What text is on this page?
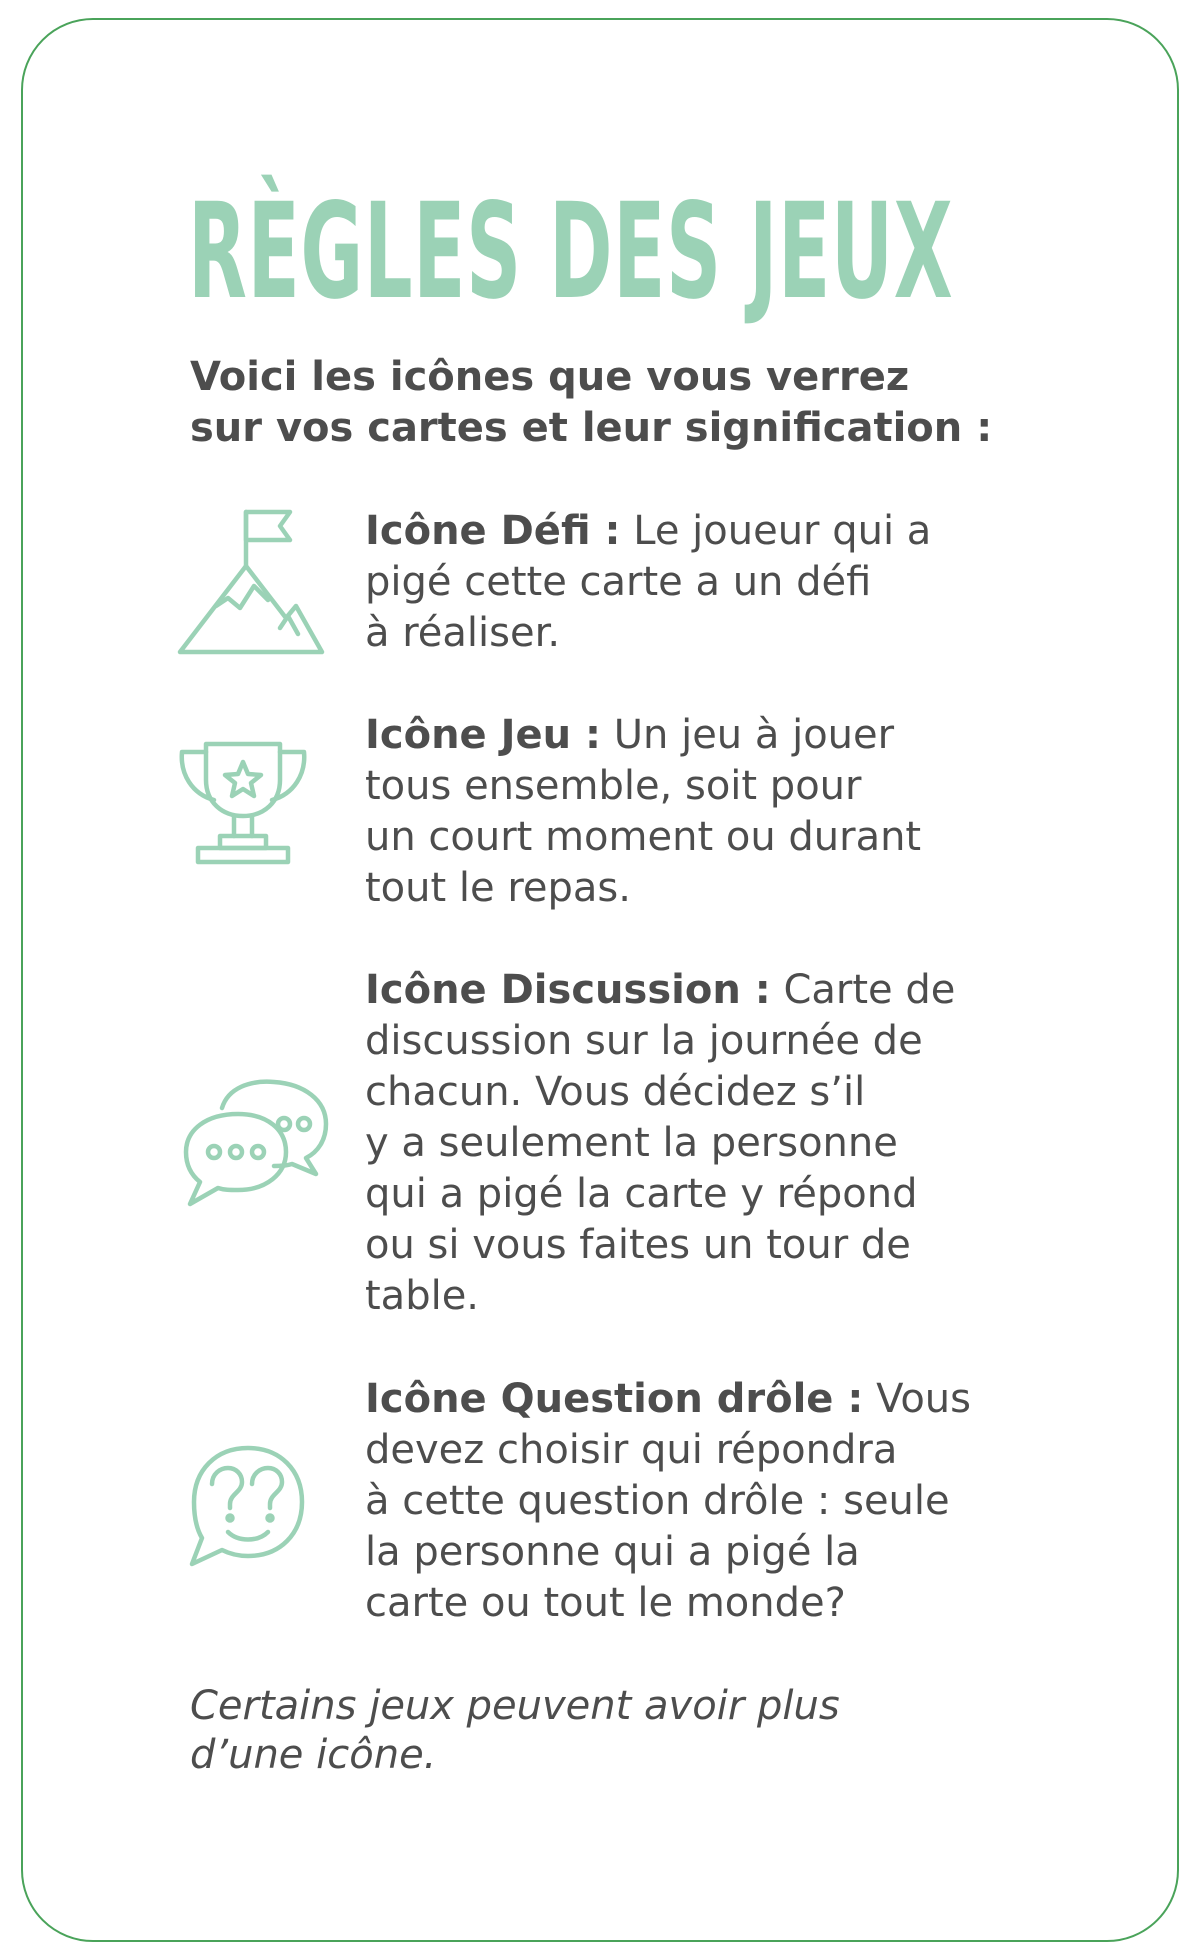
RÈGLES DES JEUX

Voici les icônes que vous verrez
sur vos cartes et leur signification :

Icône Défi : Le joueur qui a
pigé cette carte a un défi
à réaliser.
Icône Jeu : Un jeu à jouer
tous ensemble, soit pour
un court moment ou durant
tout le repas.
Icône Discussion : Carte de
discussion sur la journée de
chacun. Vous décidez s’il
y a seulement la personne
qui a pigé la carte y répond
ou si vous faites un tour de
table.
Icône Question drôle : Vous
devez choisir qui répondra
à cette question drôle : seule
la personne qui a pigé la
carte ou tout le monde?

Certains jeux peuvent avoir plus
d’une icône.
